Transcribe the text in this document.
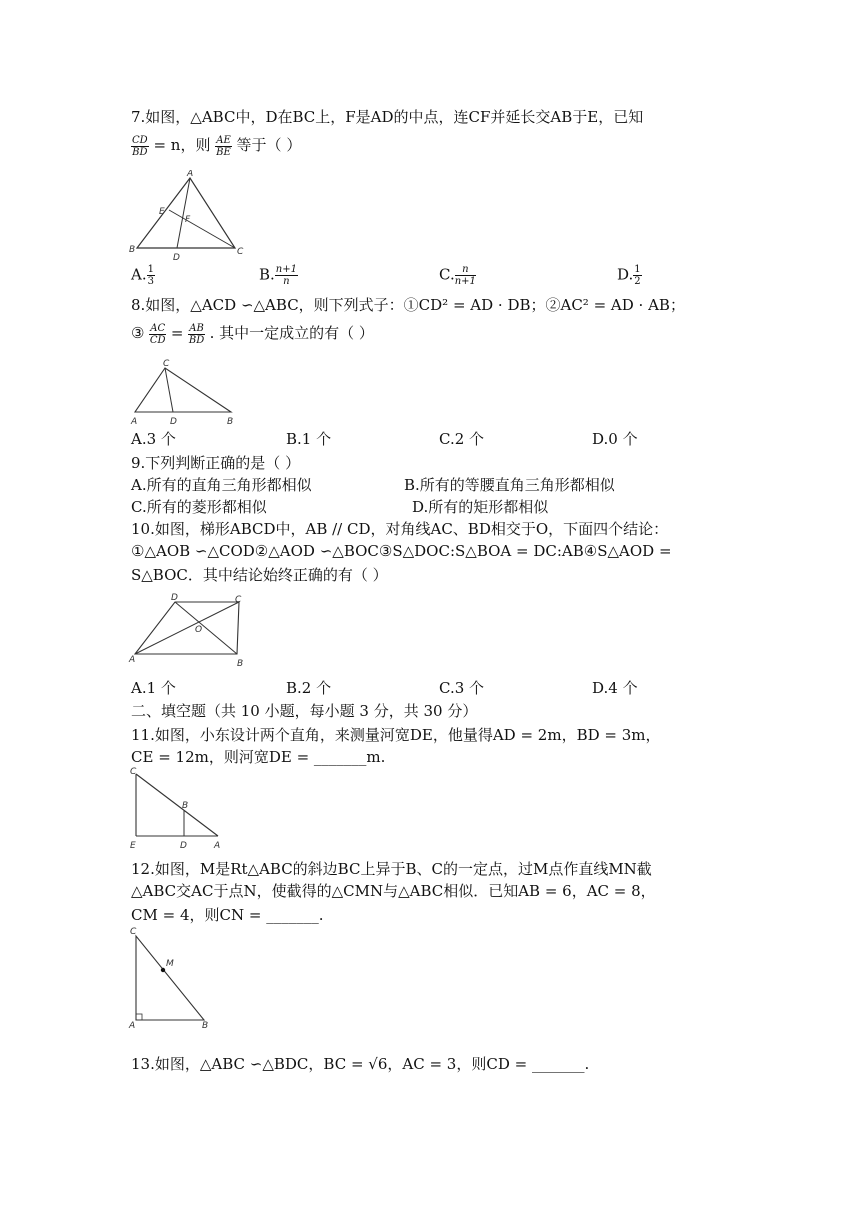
7.如图，△ABC中，D在BC上，F是AD的中点，连CF并延长交AB于E，已知
$\frac{CD}{BD} = n$，则 $\frac{AE}{BE}$ 等于（ ）
A
E
F
B
D
C
A. $\frac{1}{3}$	B. $\frac{n+1}{n}$	C. $\frac{n}{n+1}$	D. $\frac{1}{2}$
8.如图，△ACD ∽△ABC，则下列式子：①CD² = AD · DB；②AC² = AD · AB；
③ $\frac{AC}{CD} = \frac{AB}{BD}$ . 其中一定成立的有（ ）
C
A	D	B
A.3 个	B.1 个	C.2 个	D.0 个
9.下列判断正确的是（ ）
A.所有的直角三角形都相似	B.所有的等腰直角三角形都相似
C.所有的菱形都相似	D.所有的矩形都相似
10.如图，梯形ABCD中，AB // CD，对角线AC、BD相交于O，下面四个结论：
①△AOB ∽△COD②△AOD ∽△BOC③S△DOC:S△BOA = DC:AB④S△AOD =
S△BOC．其中结论始终正确的有（ ）
D	C
O
A	B
A.1 个	B.2 个	C.3 个	D.4 个
二、填空题（共 10 小题，每小题 3 分，共 30 分）
11.如图，小东设计两个直角，来测量河宽DE，他量得AD = 2m，BD = 3m，
CE = 12m，则河宽DE = _______m.
C
B
E	D	A
12.如图，M是Rt△ABC的斜边BC上异于B、C的一定点，过M点作直线MN截
△ABC交AC于点N，使截得的△CMN与△ABC相似．已知AB = 6，AC = 8，
CM = 4，则CN = _______.
C
M
A	B
13.如图，△ABC ∽△BDC，BC = √6，AC = 3，则CD = _______.
